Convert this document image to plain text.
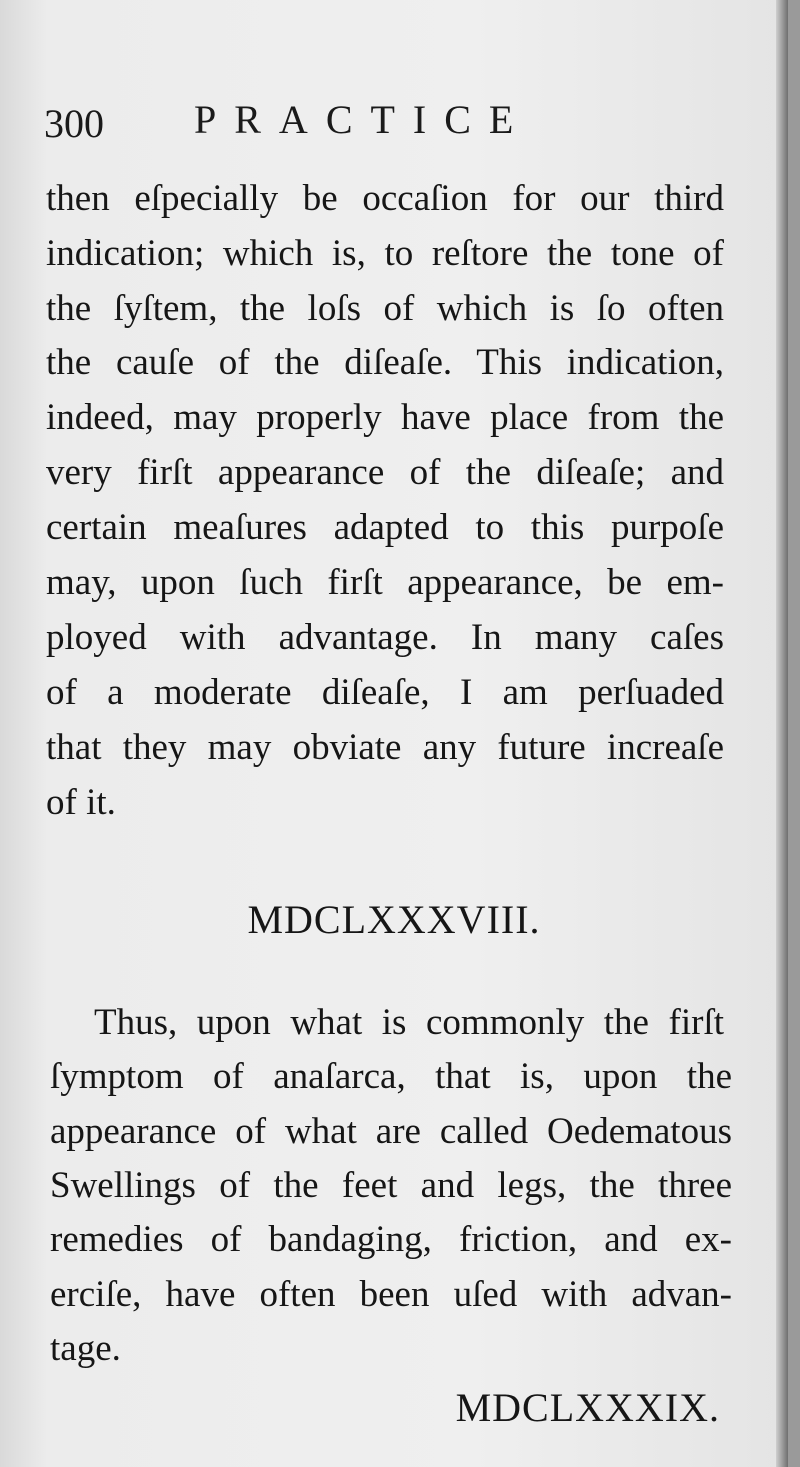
300 PRACTICE
then eſpecially be occaſion for our third
indication; which is, to reſtore the tone of
the ſyſtem, the loſs of which is ſo often
the cauſe of the diſeaſe. This indication,
indeed, may properly have place from the
very firſt appearance of the diſeaſe; and
certain meaſures adapted to this purpoſe
may, upon ſuch firſt appearance, be em-
ployed with advantage. In many caſes
of a moderate diſeaſe, I am perſuaded
that they may obviate any future increaſe
of it.
MDCLXXXVIII.
Thus, upon what is commonly the firſt
ſymptom of anaſarca, that is, upon the
appearance of what are called Oedematous
Swellings of the feet and legs, the three
remedies of bandaging, friction, and ex-
erciſe, have often been uſed with advan-
tage.
MDCLXXXIX.
